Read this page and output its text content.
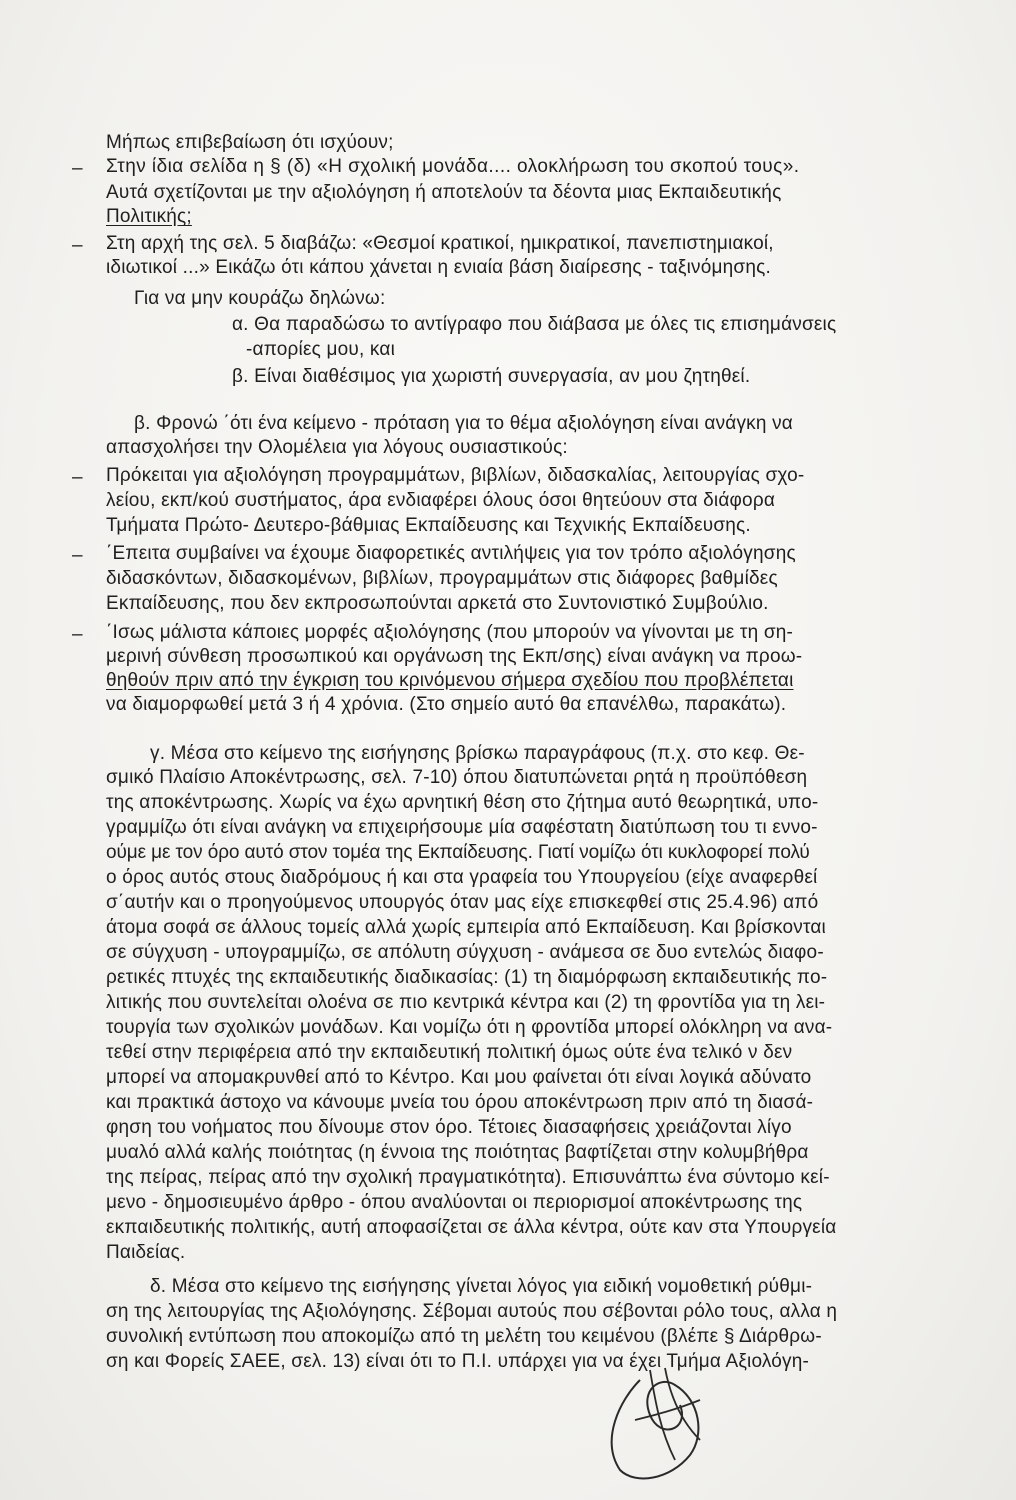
Μήπως επιβεβαίωση ότι ισχύουν;

– Στην ίδια σελίδα η § (δ) «Η σχολική μονάδα.... ολοκλήρωση του σκοπού τους».

Αυτά σχετίζονται με την αξιολόγηση ή αποτελούν τα δέοντα μιας Εκπαιδευτικής

Πολιτικής;

– Στη αρχή της σελ. 5 διαβάζω: «Θεσμοί κρατικοί, ημικρατικοί, πανεπιστημιακοί,

ιδιωτικοί ...» Εικάζω ότι κάπου χάνεται η ενιαία βάση διαίρεσης - ταξινόμησης.

Για να μην κουράζω δηλώνω:

α. Θα παραδώσω το αντίγραφο που διάβασα με όλες τις επισημάνσεις

-απορίες μου, και

β. Είναι διαθέσιμος για χωριστή συνεργασία, αν μου ζητηθεί.

β. Φρονώ ΄ότι ένα κείμενο - πρόταση για το θέμα αξιολόγηση είναι ανάγκη να

απασχολήσει την Ολομέλεια για λόγους ουσιαστικούς:

– Πρόκειται για αξιολόγηση προγραμμάτων, βιβλίων, διδασκαλίας, λειτουργίας σχο-

λείου, εκπ/κού συστήματος, άρα ενδιαφέρει όλους όσοι θητεύουν στα διάφορα

Τμήματα Πρώτο- Δευτερο-βάθμιας Εκπαίδευσης και Τεχνικής Εκπαίδευσης.

– ΄Επειτα συμβαίνει να έχουμε διαφορετικές αντιλήψεις για τον τρόπο αξιολόγησης

διδασκόντων, διδασκομένων, βιβλίων, προγραμμάτων στις διάφορες βαθμίδες

Εκπαίδευσης, που δεν εκπροσωπούνται αρκετά στο Συντονιστικό Συμβούλιο.

– ΄Ισως μάλιστα κάποιες μορφές αξιολόγησης (που μπορούν να γίνονται με τη ση-

μερινή σύνθεση προσωπικού και οργάνωση της Εκπ/σης) είναι ανάγκη να προω-

θηθούν πριν από την έγκριση του κρινόμενου σήμερα σχεδίου που προβλέπεται

να διαμορφωθεί μετά 3 ή 4 χρόνια. (Στο σημείο αυτό θα επανέλθω, παρακάτω).

γ. Μέσα στο κείμενο της εισήγησης βρίσκω παραγράφους (π.χ. στο κεφ. Θε-

σμικό Πλαίσιο Αποκέντρωσης, σελ. 7-10) όπου διατυπώνεται ρητά η προϋπόθεση

της αποκέντρωσης. Χωρίς να έχω αρνητική θέση στο ζήτημα αυτό θεωρητικά, υπο-

γραμμίζω ότι είναι ανάγκη να επιχειρήσουμε μία σαφέστατη διατύπωση του τι εννο-

ούμε με τον όρο αυτό στον τομέα της Εκπαίδευσης. Γιατί νομίζω ότι κυκλοφορεί πολύ

ο όρος αυτός στους διαδρόμους ή και στα γραφεία του Υπουργείου (είχε αναφερθεί

σ΄αυτήν και ο προηγούμενος υπουργός όταν μας είχε επισκεφθεί στις 25.4.96) από

άτομα σοφά σε άλλους τομείς αλλά χωρίς εμπειρία από Εκπαίδευση. Και βρίσκονται

σε σύγχυση - υπογραμμίζω, σε απόλυτη σύγχυση - ανάμεσα σε δυο εντελώς διαφο-

ρετικές πτυχές της εκπαιδευτικής διαδικασίας: (1) τη διαμόρφωση εκπαιδευτικής πο-

λιτικής που συντελείται ολοένα σε πιο κεντρικά κέντρα και (2) τη φροντίδα για τη λει-

τουργία των σχολικών μονάδων. Και νομίζω ότι η φροντίδα μπορεί ολόκληρη να ανα-

τεθεί στην περιφέρεια από την εκπαιδευτική πολιτική όμως ούτε ένα τελικό ν δεν

μπορεί να απομακρυνθεί από το Κέντρο. Και μου φαίνεται ότι είναι λογικά αδύνατο

και πρακτικά άστοχο να κάνουμε μνεία του όρου αποκέντρωση πριν από τη διασά-

φηση του νοήματος που δίνουμε στον όρο. Τέτοιες διασαφήσεις χρειάζονται λίγο

μυαλό αλλά καλής ποιότητας (η έννοια της ποιότητας βαφτίζεται στην κολυμβήθρα

της πείρας, πείρας από την σχολική πραγματικότητα). Επισυνάπτω ένα σύντομο κεί-

μενο - δημοσιευμένο άρθρο - όπου αναλύονται οι περιορισμοί αποκέντρωσης της

εκπαιδευτικής πολιτικής, αυτή αποφασίζεται σε άλλα κέντρα, ούτε καν στα Υπουργεία

Παιδείας.

δ. Μέσα στο κείμενο της εισήγησης γίνεται λόγος για ειδική νομοθετική ρύθμι-

ση της λειτουργίας της Αξιολόγησης. Σέβομαι αυτούς που σέβονται ρόλο τους, αλλα η

συνολική εντύπωση που αποκομίζω από τη μελέτη του κειμένου (βλέπε § Διάρθρω-

ση και Φορείς ΣΑΕΕ, σελ. 13) είναι ότι το Π.Ι. υπάρχει για να έχει Τμήμα Αξιολόγη-
